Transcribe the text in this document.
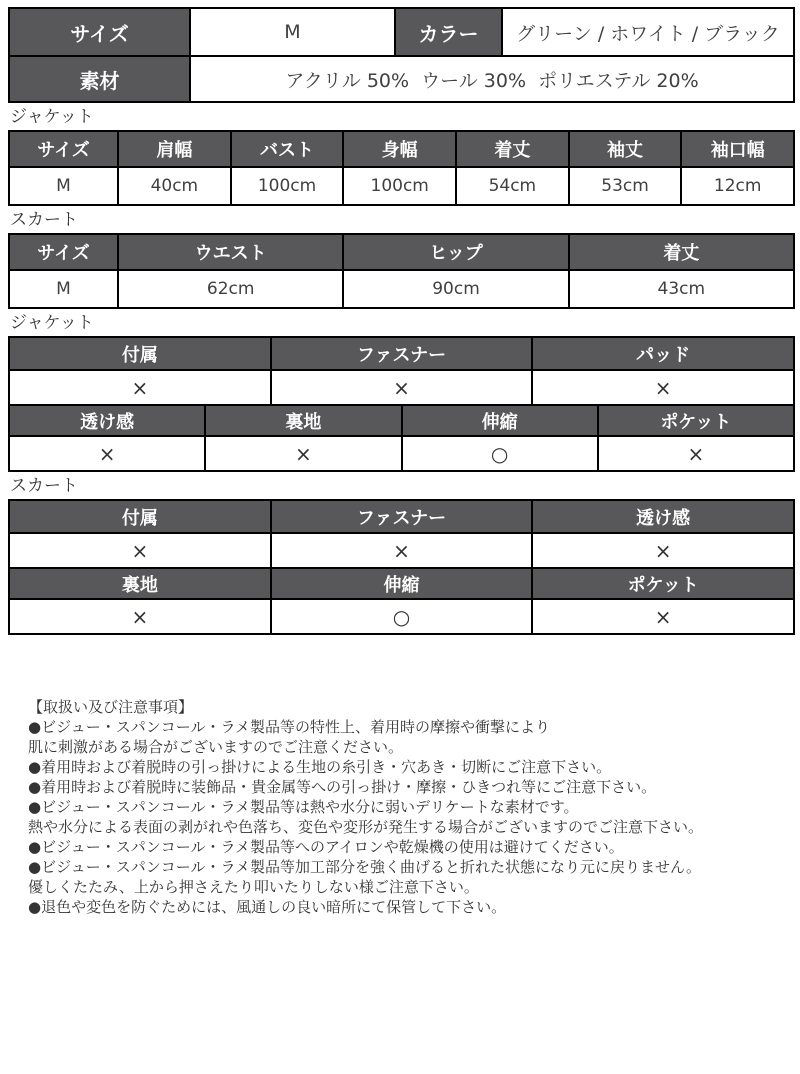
サイズ	M	カラー	グリーン / ホワイト / ブラック
素材	アクリル 50%  ウール 30%  ポリエステル 20%
ジャケット
サイズ	肩幅	バスト	身幅	着丈	袖丈	袖口幅
M	40cm	100cm	100cm	54cm	53cm	12cm
スカート
サイズ	ウエスト	ヒップ	着丈
M	62cm	90cm	43cm
ジャケット
付属	ファスナー	パッド
×	×	×
透け感	裏地	伸縮	ポケット
×	×	○	×
スカート
付属	ファスナー	透け感
×	×	×
裏地	伸縮	ポケット
×	○	×
【取扱い及び注意事項】
●ビジュー・スパンコール・ラメ製品等の特性上、着用時の摩擦や衝撃により
肌に刺激がある場合がございますのでご注意ください。
●着用時および着脱時の引っ掛けによる生地の糸引き・穴あき・切断にご注意下さい。
●着用時および着脱時に装飾品・貴金属等への引っ掛け・摩擦・ひきつれ等にご注意下さい。
●ビジュー・スパンコール・ラメ製品等は熱や水分に弱いデリケートな素材です。
熱や水分による表面の剥がれや色落ち、変色や変形が発生する場合がございますのでご注意下さい。
●ビジュー・スパンコール・ラメ製品等へのアイロンや乾燥機の使用は避けてください。
●ビジュー・スパンコール・ラメ製品等加工部分を強く曲げると折れた状態になり元に戻りません。
優しくたたみ、上から押さえたり叩いたりしない様ご注意下さい。
●退色や変色を防ぐためには、風通しの良い暗所にて保管して下さい。
